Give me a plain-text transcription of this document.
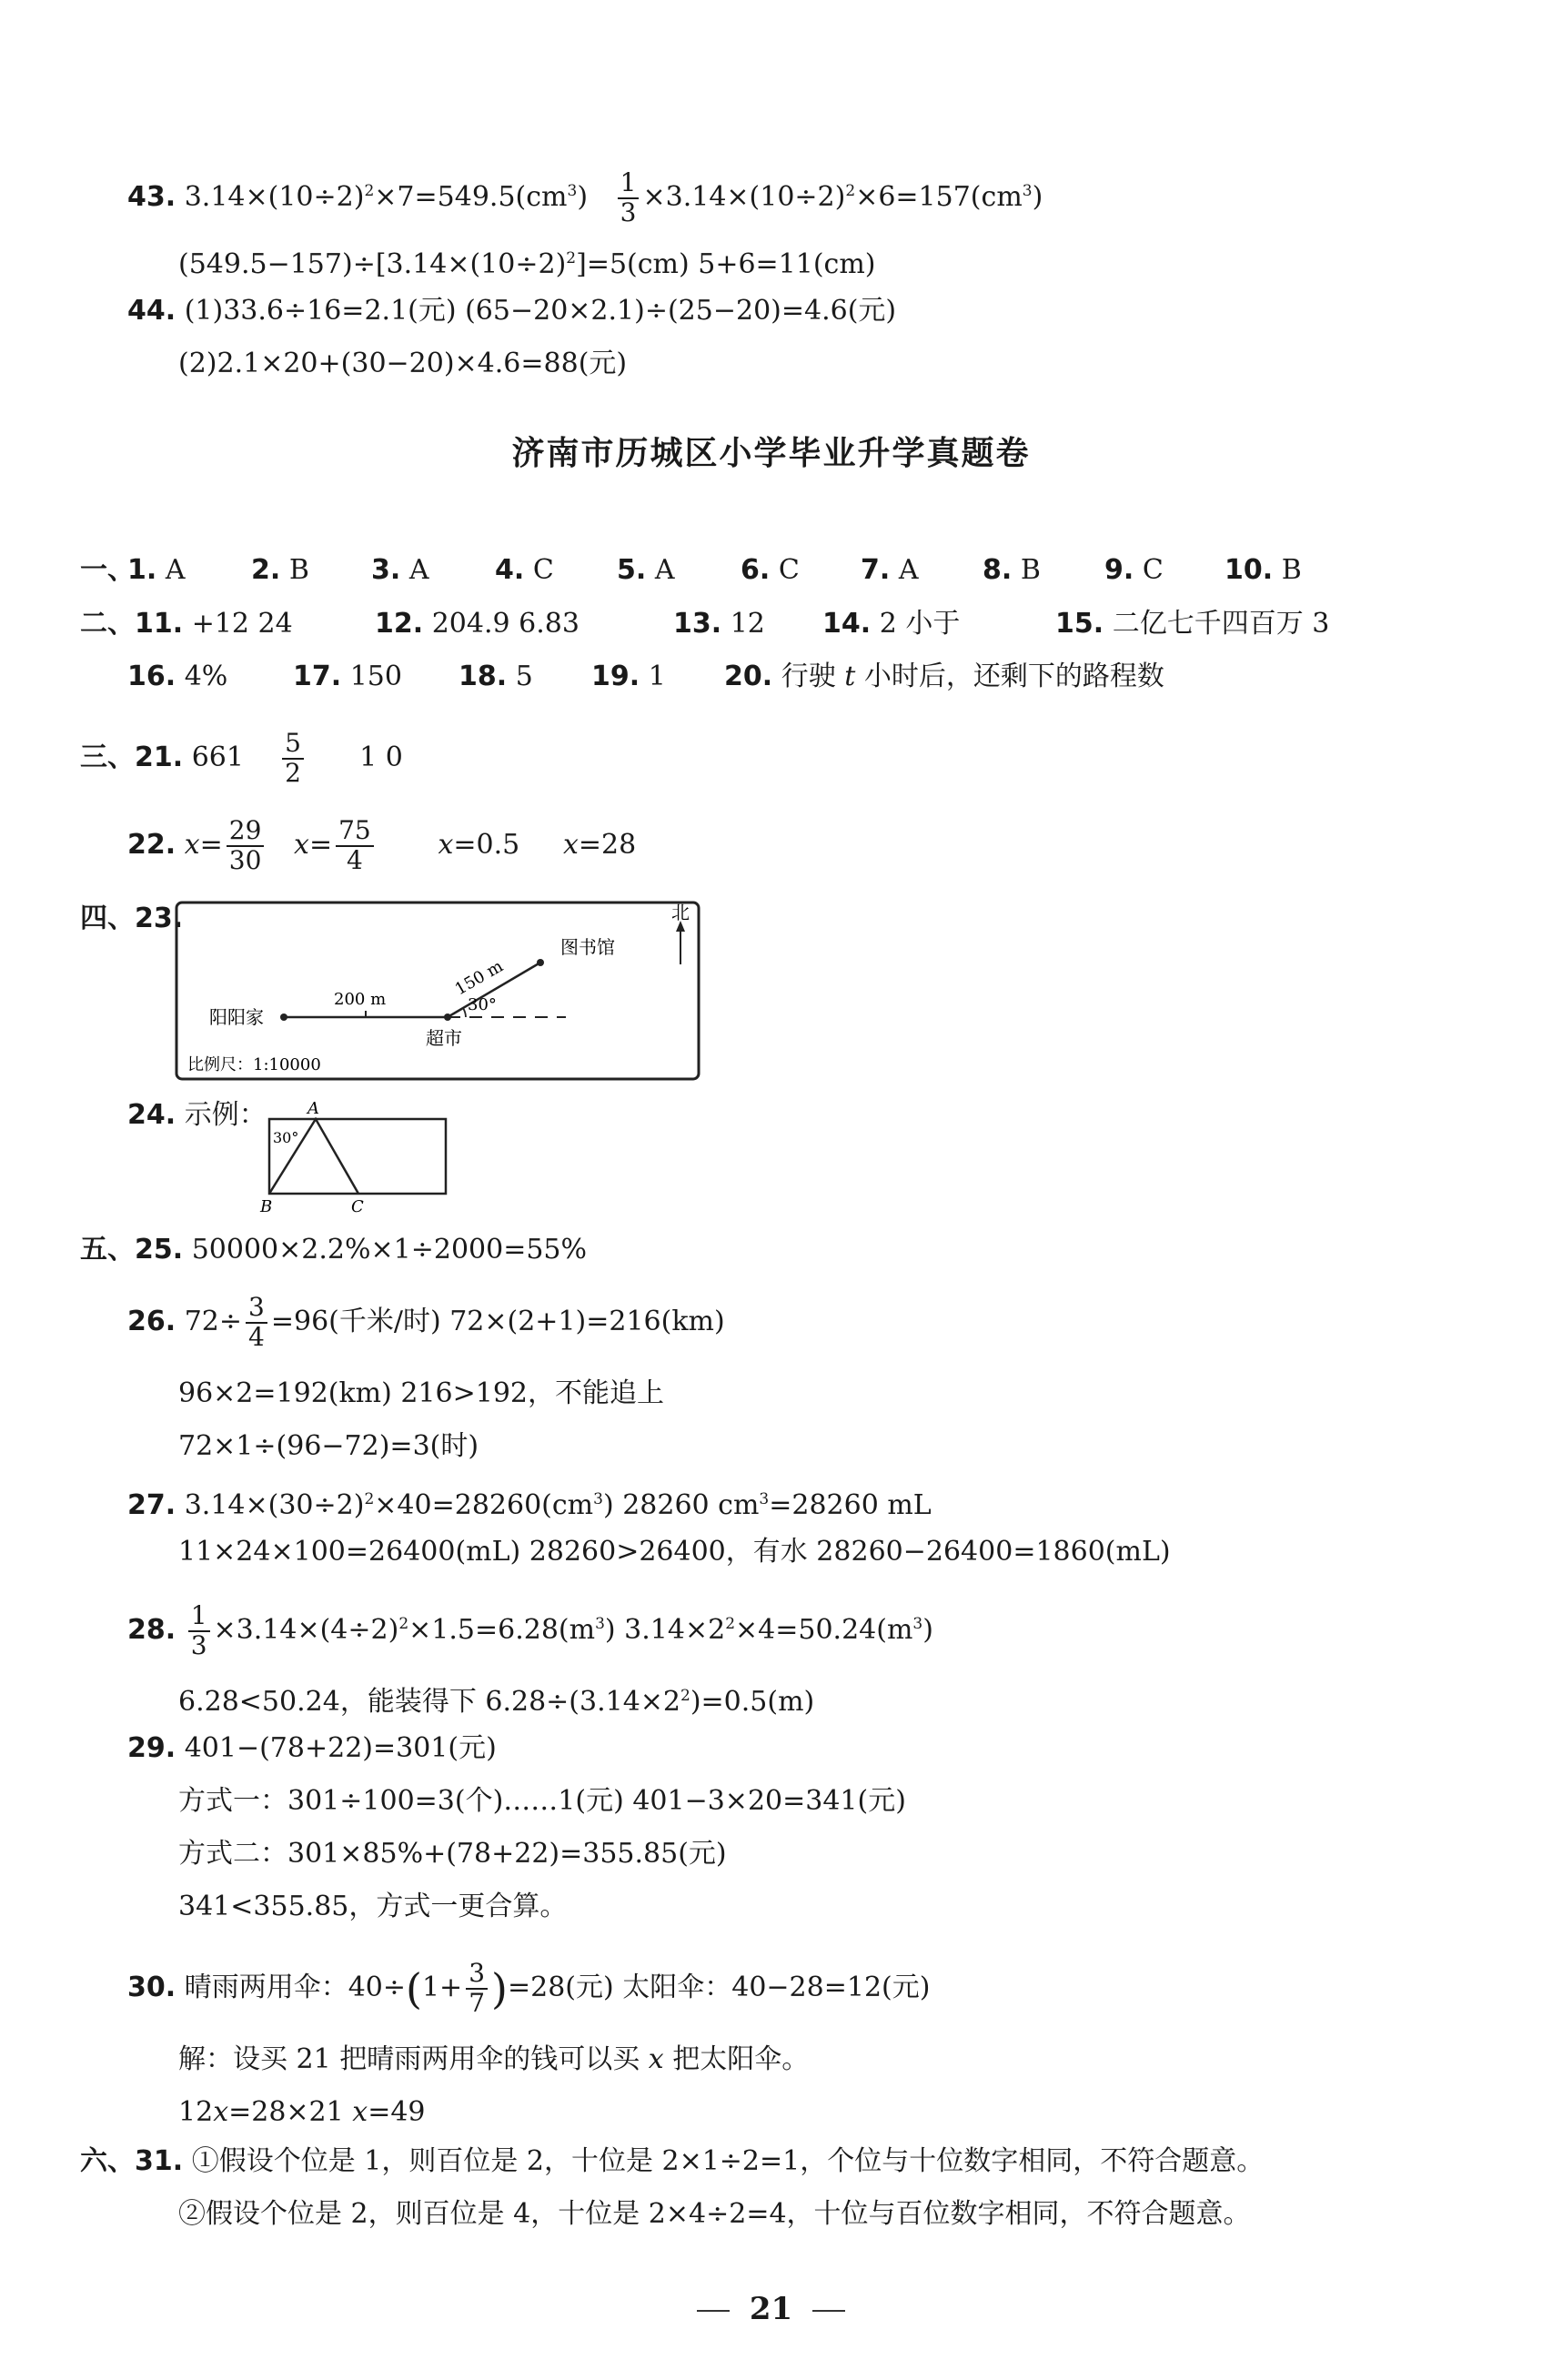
43. $3.14\times(10\div 2)^2\times 7=549.5(cm^3) \frac{1}{3} \times 3.14\times(10\div 2)^2\times 6=157(cm^3)$
$(549.5-157)\div[3.14\times(10\div 2)^2]=5(cm)$ 5+6=11(cm)
44. (1)33.6÷16=2.1(元) (65−20×2.1)÷(25−20)=4.6(元)
(2)2.1×20+(30−20)×4.6=88(元)
济南市历城区小学毕业升学真题卷
一、
1. A 2. B 3. A 4. C 5. A 6. C 7. A 8. B 9. C 10. B
二、11. +12 24	12. 204.9 6.83	13. 12 14. 2 小于	15. 二亿七千四百万 3
16. 4% 17. 150 18. 5 19. 1 20. 行驶 t 小时后，还剩下的路程数
三、21. $661 \frac{5}{2} 1$ 0
22. $x= \frac{29}{30} x= \frac{75}{4} x=0.5$ x=28
四、23.	北
图书馆
150 m
200 m	30°
阳阳家
超市
比例尺：1:10000
24. 示例：	A
B	C
30°
五、25. 50000×2.2%×1÷2000=55%
26. $72\div \frac{3}{4} =96$(千米/时) 72×(2+1)=216(km)
96×2=192(km) 216>192，不能追上
72×1÷(96−72)=3(时)
27. $3.14\times(30\div 2)^2\times 40=28260(cm^3)$ 28260 $cm^3=28260$ mL
11×24×100=26400(mL) 28260>26400，有水 28260−26400=1860(mL)
28. $\frac{1}{3} \times 3.14\times(4\div 2)^2\times 1.5=6.28(m^3)$ $3.14\times 2^2\times 4=50.24(m^3)$
6.28<50.24，能装得下 $6.28\div(3.14\times 2^2)=0.5(m)$
29. 401−(78+22)=301(元)
方式一：301÷100=3(个)……1(元) 401−3×20=341(元)
方式二：301×85%+(78+22)=355.85(元)
341<355.85，方式一更合算。
30. 晴雨两用伞：$40\div(1+ \frac{3}{7} )=28$(元) 太阳伞：40−28=12(元)
解：设买 21 把晴雨两用伞的钱可以买 x 把太阳伞。
12x=28×21 x=49
六、31. ①假设个位是 1，则百位是 2，十位是 2×1÷2=1，个位与十位数字相同，不符合题意。
②假设个位是 2，则百位是 4，十位是 2×4÷2=4，十位与百位数字相同，不符合题意。
21
